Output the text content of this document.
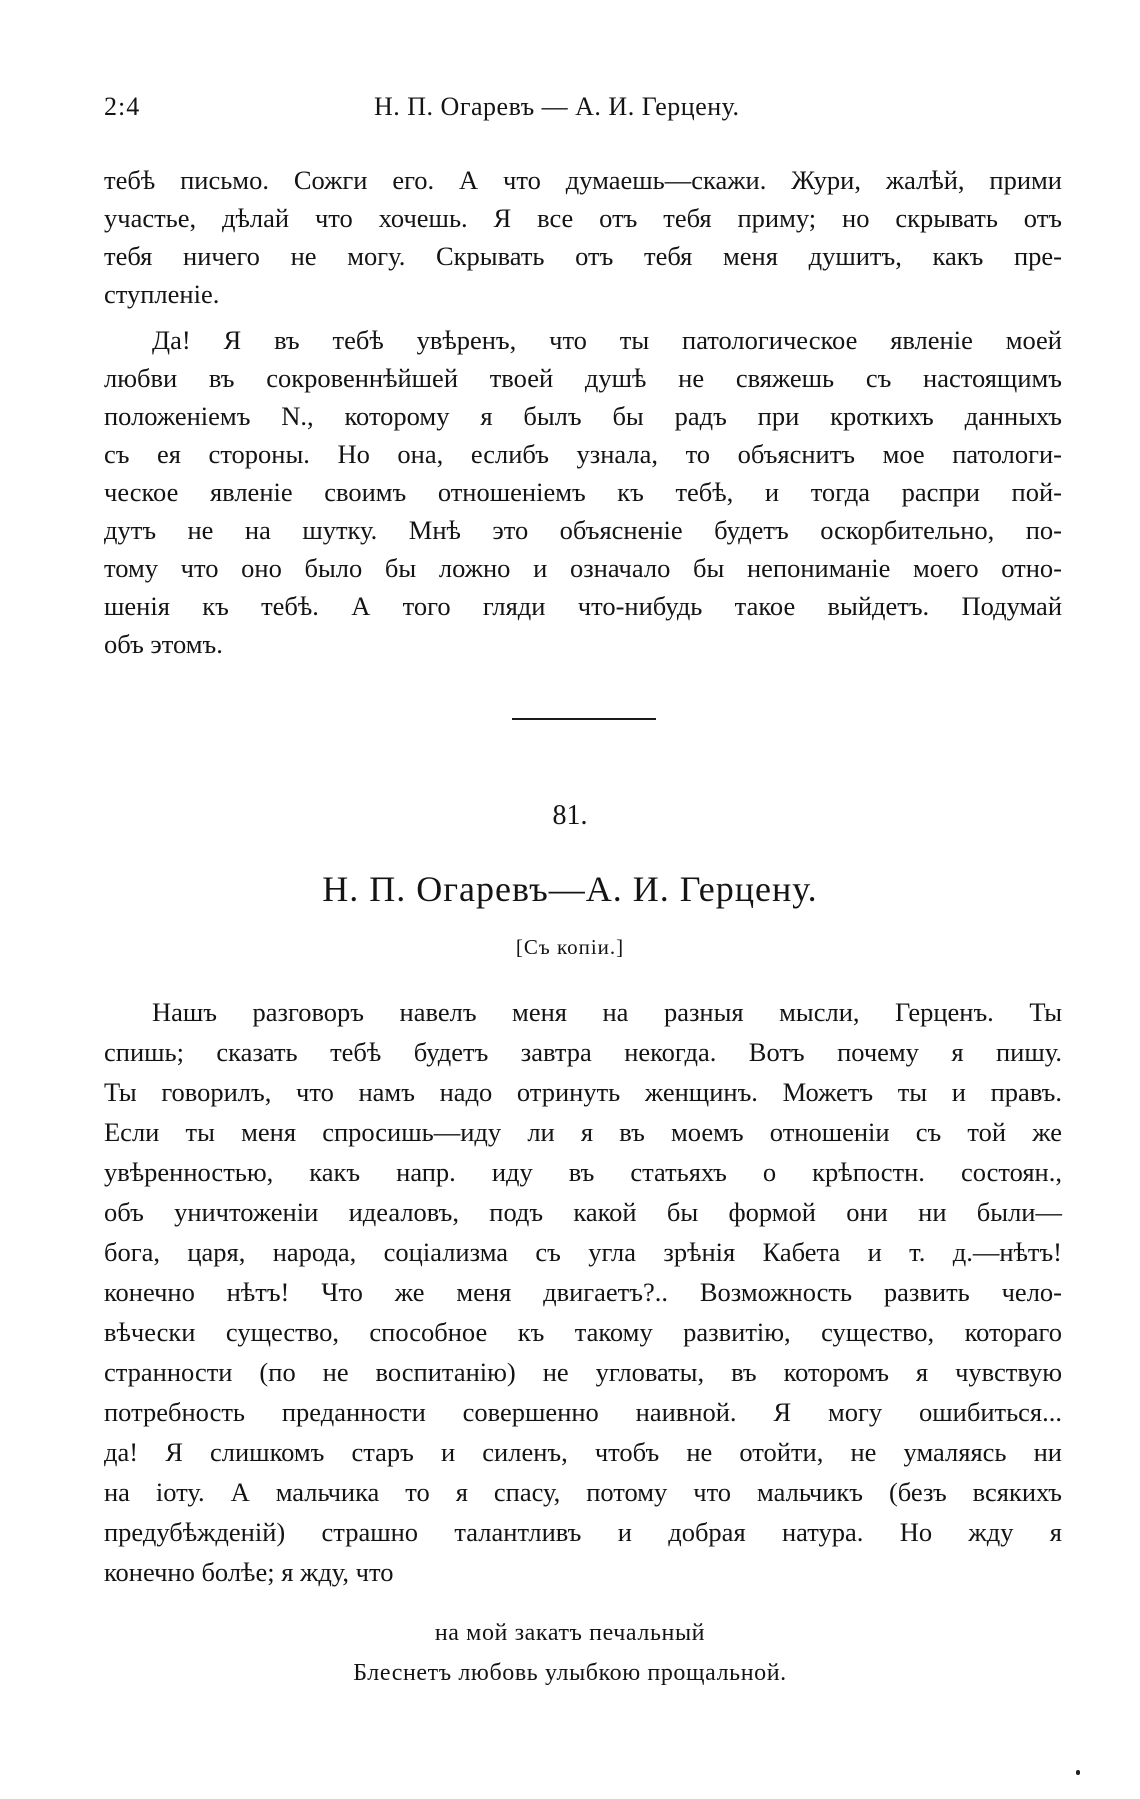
2:4	Н. П. Огаревъ — А. И. Герцену.
тебѣ письмо. Сожги его. А что думаешь—скажи. Жури, жалѣй, прими
участье, дѣлай что хочешь. Я все отъ тебя приму; но скрывать отъ
тебя ничего не могу. Скрывать отъ тебя меня душитъ, какъ пре-
ступленіе.
Да! Я въ тебѣ увѣренъ, что ты патологическое явленіе моей
любви въ сокровеннѣйшей твоей душѣ не свяжешь съ настоящимъ
положеніемъ N., которому я былъ бы радъ при кроткихъ данныхъ
съ ея стороны. Но она, еслибъ узнала, то объяснитъ мое патологи-
ческое явленіе своимъ отношеніемъ къ тебѣ, и тогда распри пой-
дутъ не на шутку. Мнѣ это объясненіе будетъ оскорбительно, по-
тому что оно было бы ложно и означало бы непониманіе моего отно-
шенія къ тебѣ. А того гляди что-нибудь такое выйдетъ. Подумай
объ этомъ.
81.
Н. П. Огаревъ—А. И. Герцену.
[Съ копіи.]
Нашъ разговоръ навелъ меня на разныя мысли, Герценъ. Ты
спишь; сказать тебѣ будетъ завтра некогда. Вотъ почему я пишу.
Ты говорилъ, что намъ надо отринуть женщинъ. Можетъ ты и правъ.
Если ты меня спросишь—иду ли я въ моемъ отношеніи съ той же
увѣренностью, какъ напр. иду въ статьяхъ о крѣпостн. состоян.,
объ уничтоженіи идеаловъ, подъ какой бы формой они ни были—
бога, царя, народа, соціализма съ угла зрѣнія Кабета и т. д.—нѣтъ!
конечно нѣтъ! Что же меня двигаетъ?.. Возможность развить чело-
вѣчески существо, способное къ такому развитію, существо, котораго
странности (по не воспитанію) не угловаты, въ которомъ я чувствую
потребность преданности совершенно наивной. Я могу ошибиться...
да! Я слишкомъ старъ и силенъ, чтобъ не отойти, не умаляясь ни
на іоту. А мальчика то я спасу, потому что мальчикъ (безъ всякихъ
предубѣжденій) страшно талантливъ и добрая натура. Но жду я
конечно болѣе; я жду, что
на мой закатъ печальный
Блеснетъ любовь улыбкою прощальной.
